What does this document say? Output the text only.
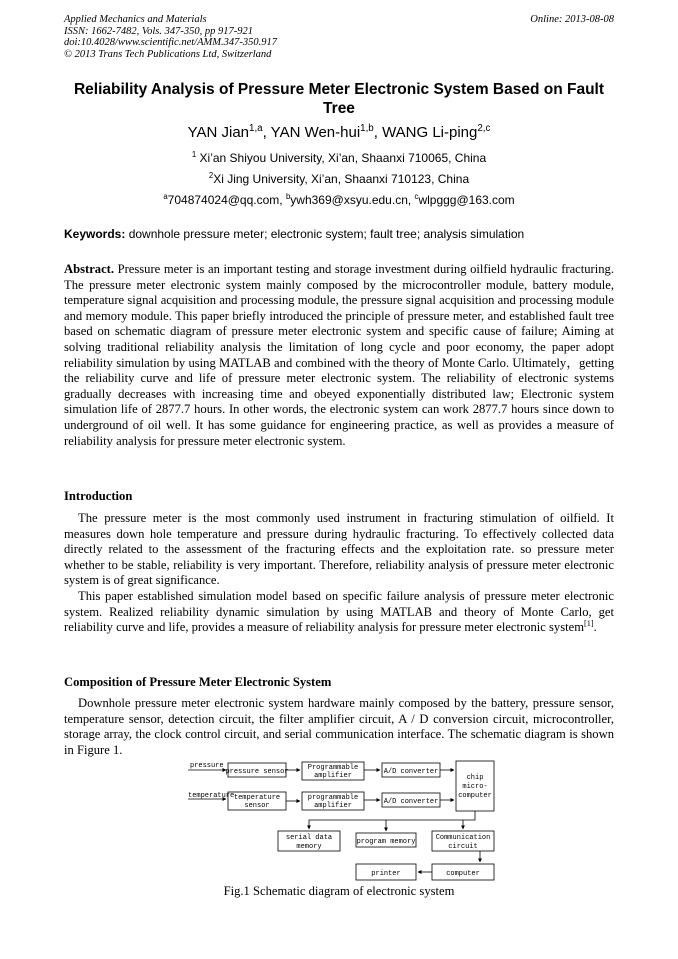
Applied Mechanics and Materials
ISSN: 1662-7482, Vols. 347-350, pp 917-921
doi:10.4028/www.scientific.net/AMM.347-350.917
© 2013 Trans Tech Publications Ltd, Switzerland
Online: 2013-08-08
Reliability Analysis of Pressure Meter Electronic System Based on Fault Tree
YAN Jian$^{1,a}$, YAN Wen-hui$^{1,b}$, WANG Li-ping$^{2,c}$
$^1$ Xi’an Shiyou University, Xi’an, Shaanxi 710065, China
$^2$Xi Jing University, Xi’an, Shaanxi 710123, China
$^a$704874024@qq.com, $^b$ywh369@xsyu.edu.cn, $^c$wlpggg@163.com
Keywords: downhole pressure meter; electronic system; fault tree; analysis simulation
Abstract. Pressure meter is an important testing and storage investment during oilfield hydraulic fracturing. The pressure meter electronic system mainly composed by the microcontroller module, battery module, temperature signal acquisition and processing module, the pressure signal acquisition and processing module and memory module. This paper briefly introduced the principle of pressure meter, and established fault tree based on schematic diagram of pressure meter electronic system and specific cause of failure; Aiming at solving traditional reliability analysis the limitation of long cycle and poor economy, the paper adopt reliability simulation by using MATLAB and combined with the theory of Monte Carlo. Ultimately，getting the reliability curve and life of pressure meter electronic system. The reliability of electronic systems gradually decreases with increasing time and obeyed exponentially distributed law; Electronic system simulation life of 2877.7 hours. In other words, the electronic system can work 2877.7 hours since down to underground of oil well. It has some guidance for engineering practice, as well as provides a measure of reliability analysis for pressure meter electronic system.
Introduction
The pressure meter is the most commonly used instrument in fracturing stimulation of oilfield. It measures down hole temperature and pressure during hydraulic fracturing. To effectively collected data directly related to the assessment of the fracturing effects and the exploitation rate. so pressure meter whether to be stable, reliability is very important. Therefore, reliability analysis of pressure meter electronic system is of great significance.
This paper established simulation model based on specific failure analysis of pressure meter electronic system. Realized reliability dynamic simulation by using MATLAB and theory of Monte Carlo, get reliability curve and life, provides a measure of reliability analysis for pressure meter electronic system[1].
Composition of Pressure Meter Electronic System
Downhole pressure meter electronic system hardware mainly composed by the battery, pressure sensor, temperature sensor, detection circuit, the filter amplifier circuit, A / D conversion circuit, microcontroller, storage array, the clock control circuit, and serial communication interface. The schematic diagram is shown in Figure 1.
pressure
temperature
pressure sensor
temperature
sensor
Programmable
amplifier
programmable
amplifier
A/D converter
A/D converter
chip
micro-
computer
serial data
memory
program memory	Communication
circuit
printer	computer
Fig.1 Schematic diagram of electronic system
